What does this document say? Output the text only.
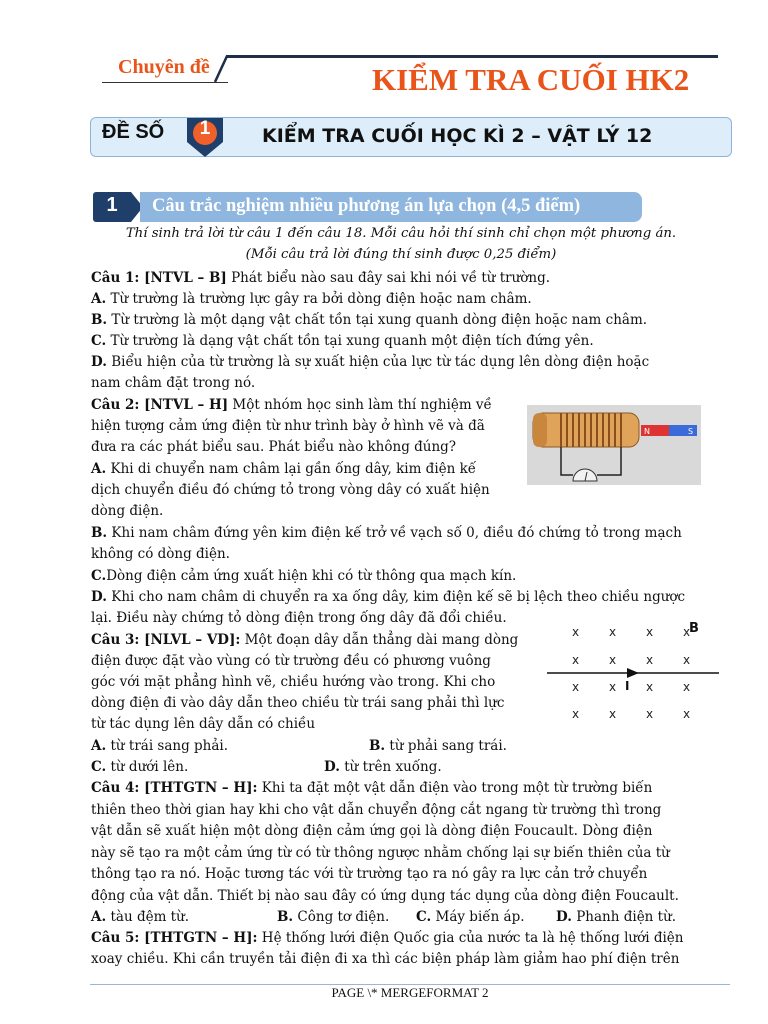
Chuyên đề	KIỂM TRA CUỐI HK2
ĐỀ SỐ	1	KIỂM TRA CUỐI HỌC KÌ 2 – VẬT LÝ 12
1	Câu trắc nghiệm nhiều phương án lựa chọn (4,5 điểm)
Thí sinh trả lời từ câu 1 đến câu 18. Mỗi câu hỏi thí sinh chỉ chọn một phương án.
(Mỗi câu trả lời đúng thí sinh được 0,25 điểm)
Câu 1: [NTVL – B] Phát biểu nào sau đây sai khi nói về từ trường.
A. Từ trường là trường lực gây ra bởi dòng điện hoặc nam châm.
B. Từ trường là một dạng vật chất tồn tại xung quanh dòng điện hoặc nam châm.
C. Từ trường là dạng vật chất tồn tại xung quanh một điện tích đứng yên.
D. Biểu hiện của từ trường là sự xuất hiện của lực từ tác dụng lên dòng điện hoặc
nam châm đặt trong nó.
Câu 2: [NTVL – H] Một nhóm học sinh làm thí nghiệm về
hiện tượng cảm ứng điện từ như trình bày ở hình vẽ và đã
đưa ra các phát biểu sau. Phát biểu nào không đúng?
A. Khi di chuyển nam châm lại gần ống dây, kim điện kế
dịch chuyển điều đó chứng tỏ trong vòng dây có xuất hiện
dòng điện.
B. Khi nam châm đứng yên kim điện kế trở về vạch số 0, điều đó chứng tỏ trong mạch
không có dòng điện.
C.Dòng điện cảm ứng xuất hiện khi có từ thông qua mạch kín.
D. Khi cho nam châm di chuyển ra xa ống dây, kim điện kế sẽ bị lệch theo chiều ngược
lại. Điều này chứng tỏ dòng điện trong ống dây đã đổi chiều.
N	S
Câu 3: [NLVL – VD]: Một đoạn dây dẫn thẳng dài mang dòng
điện được đặt vào vùng có từ trường đều có phương vuông
góc với mặt phẳng hình vẽ, chiều hướng vào trong. Khi cho
dòng điện đi vào dây dẫn theo chiều từ trái sang phải thì lực
từ tác dụng lên dây dẫn có chiều
A. từ trái sang phải.	B. từ phải sang trái.
C. từ dưới lên.	D. từ trên xuống.
x x x x
x x x x
x x x x
x x x x
B
I
Câu 4: [THTGTN – H]: Khi ta đặt một vật dẫn điện vào trong một từ trường biến
thiên theo thời gian hay khi cho vật dẫn chuyển động cắt ngang từ trường thì trong
vật dẫn sẽ xuất hiện một dòng điện cảm ứng gọi là dòng điện Foucault. Dòng điện
này sẽ tạo ra một cảm ứng từ có từ thông ngược nhằm chống lại sự biến thiên của từ
thông tạo ra nó. Hoặc tương tác với từ trường tạo ra nó gây ra lực cản trở chuyển
động của vật dẫn. Thiết bị nào sau đây có ứng dụng tác dụng của dòng điện Foucault.
A. tàu đệm từ.	B. Công tơ điện. C. Máy biến áp. D. Phanh điện từ.
Câu 5: [THTGTN – H]: Hệ thống lưới điện Quốc gia của nước ta là hệ thống lưới điện
xoay chiều. Khi cần truyền tải điện đi xa thì các biện pháp làm giảm hao phí điện trên
PAGE \* MERGEFORMAT 2
